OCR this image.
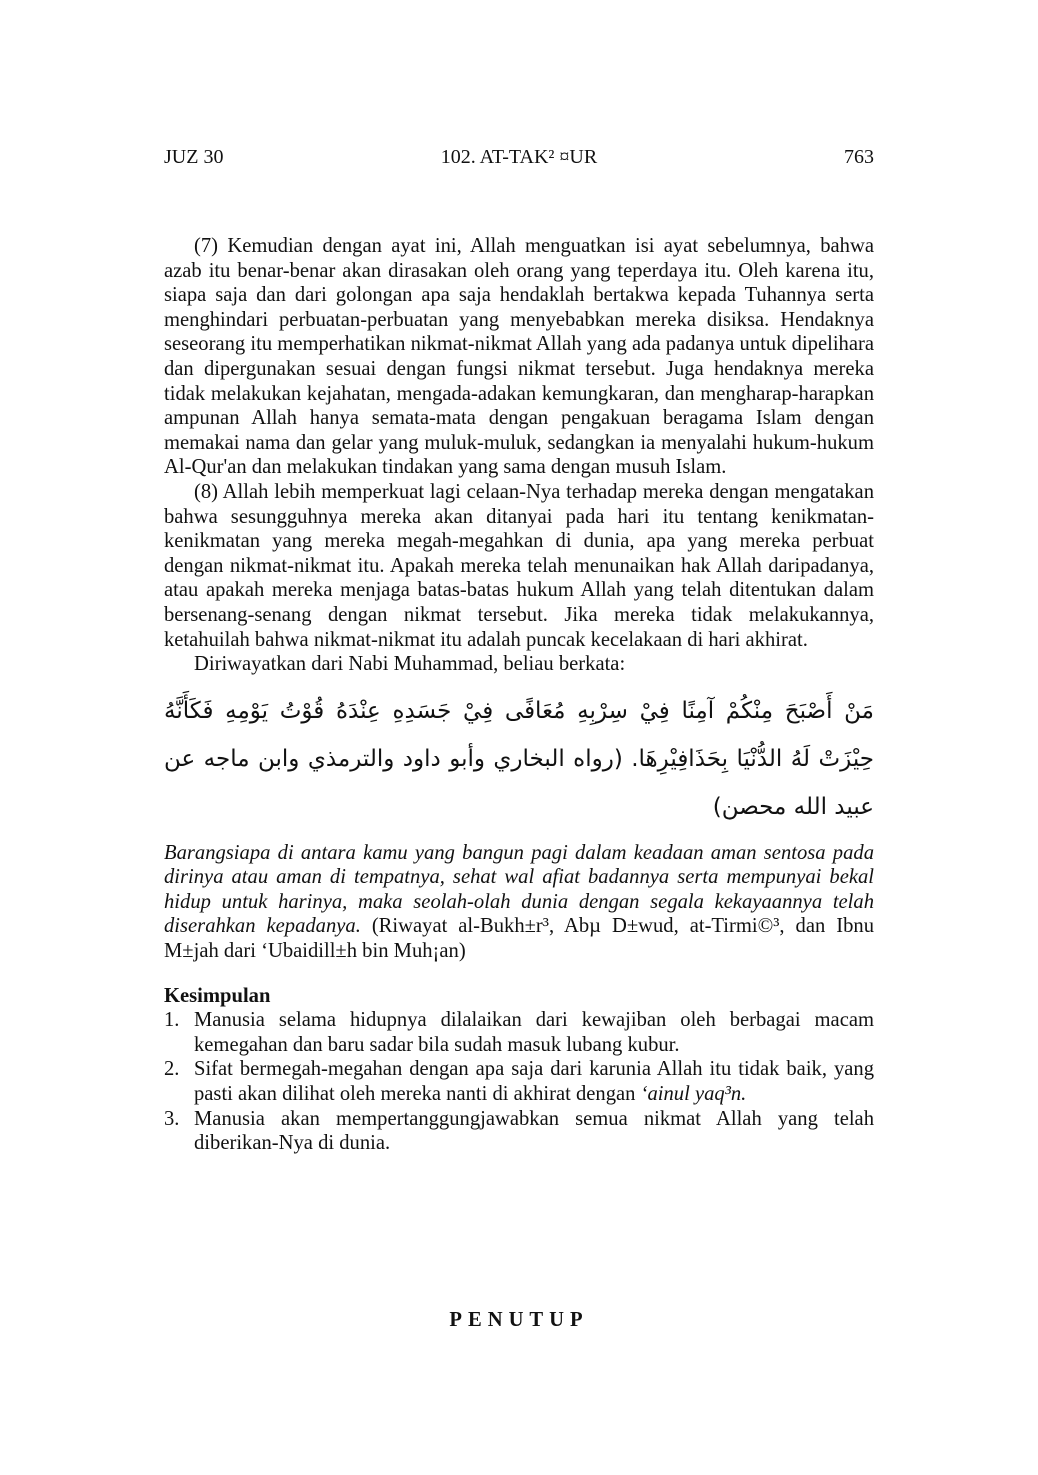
JUZ 30	102. AT-TAK² ¤UR	763

(7) Kemudian dengan ayat ini, Allah menguatkan isi ayat sebelumnya, bahwa azab itu benar-benar akan dirasakan oleh orang yang teperdaya itu. Oleh karena itu, siapa saja dan dari golongan apa saja hendaklah bertakwa kepada Tuhannya serta menghindari perbuatan-perbuatan yang menyebabkan mereka disiksa. Hendaknya seseorang itu memperhatikan nikmat-nikmat Allah yang ada padanya untuk dipelihara dan dipergunakan sesuai dengan fungsi nikmat tersebut. Juga hendaknya mereka tidak melakukan kejahatan, mengada-adakan kemungkaran, dan mengharap-harapkan ampunan Allah hanya semata-mata dengan pengakuan beragama Islam dengan memakai nama dan gelar yang muluk-muluk, sedangkan ia menyalahi hukum-hukum Al-Qur'an dan melakukan tindakan yang sama dengan musuh Islam.

(8) Allah lebih memperkuat lagi celaan-Nya terhadap mereka dengan mengatakan bahwa sesungguhnya mereka akan ditanyai pada hari itu tentang kenikmatan-kenikmatan yang mereka megah-megahkan di dunia, apa yang mereka perbuat dengan nikmat-nikmat itu. Apakah mereka telah menunaikan hak Allah daripadanya, atau apakah mereka menjaga batas-batas hukum Allah yang telah ditentukan dalam bersenang-senang dengan nikmat tersebut. Jika mereka tidak melakukannya, ketahuilah bahwa nikmat-nikmat itu adalah puncak kecelakaan di hari akhirat.

Diriwayatkan dari Nabi Muhammad, beliau berkata:

مَنْ أَصْبَحَ مِنْكُمْ آمِنًا فِيْ سِرْبِهِ مُعَافًى فِيْ جَسَدِهِ عِنْدَهُ قُوْتُ يَوْمِهِ فَكَأَنَّهُ حِيْزَتْ لَهُ الدُّنْيَا بِحَذَافِيْرِهَا. (رواه البخاري وأبو داود والترمذي وابن ماجه عن عبيد الله محصن)
Barangsiapa di antara kamu yang bangun pagi dalam keadaan aman sentosa pada dirinya atau aman di tempatnya, sehat wal afiat badannya serta mempunyai bekal hidup untuk harinya, maka seolah-olah dunia dengan segala kekayaannya telah diserahkan kepadanya. (Riwayat al-Bukh±r³, Abµ D±wud, at-Tirmi©³, dan Ibnu M±jah dari ‘Ubaidill±h bin Muh¡an)
Kesimpulan
1. Manusia selama hidupnya dilalaikan dari kewajiban oleh berbagai macam kemegahan dan baru sadar bila sudah masuk lubang kubur.
2. Sifat bermegah-megahan dengan apa saja dari karunia Allah itu tidak baik, yang pasti akan dilihat oleh mereka nanti di akhirat dengan ‘ainul yaq³n.
3. Manusia akan mempertanggungjawabkan semua nikmat Allah yang telah diberikan-Nya di dunia.
PENUTUP
